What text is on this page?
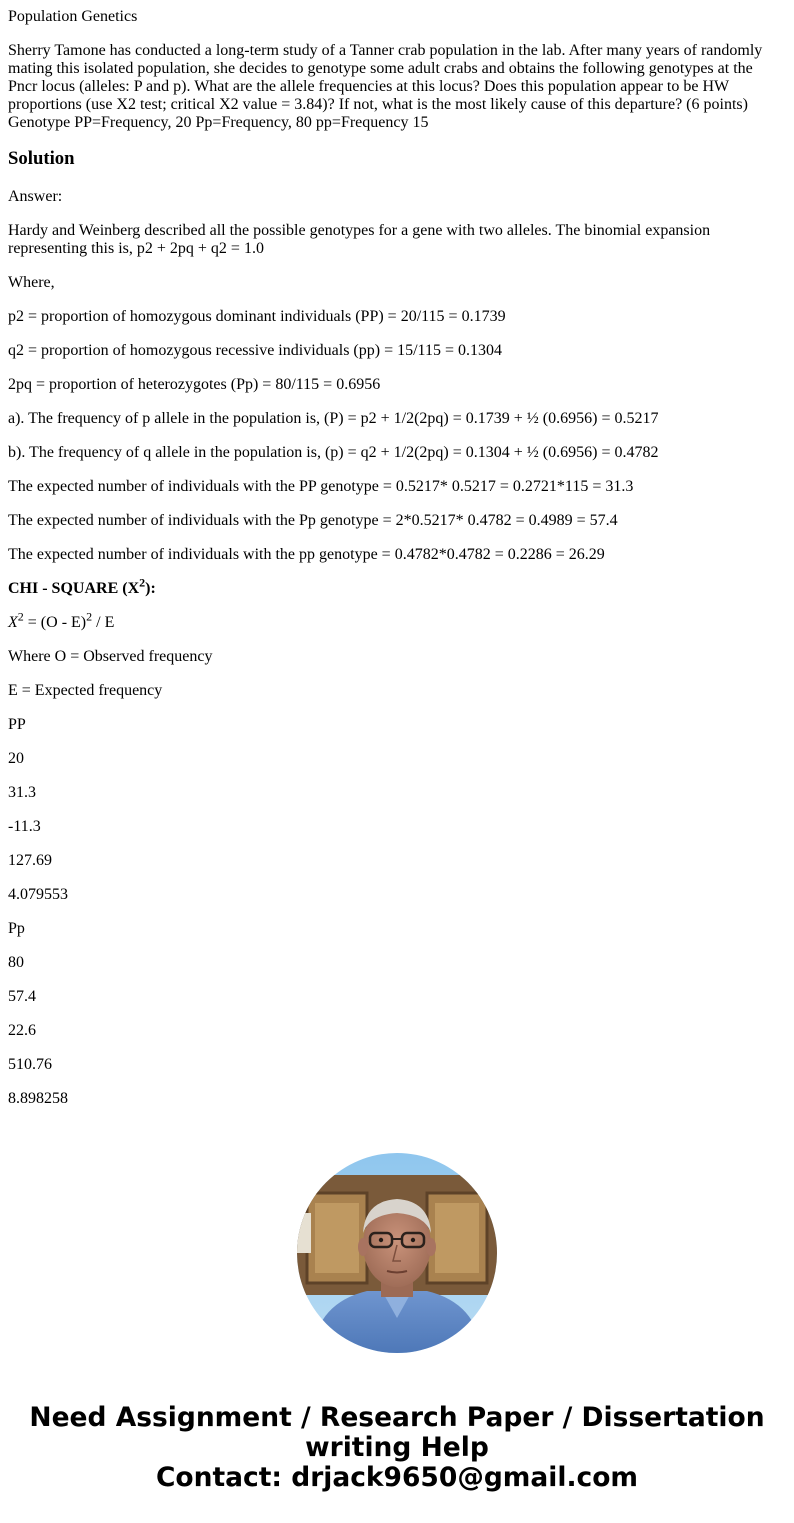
Population Genetics

Sherry Tamone has conducted a long-term study of a Tanner crab population in the lab. After many years of randomly mating this isolated population, she decides to genotype some adult crabs and obtains the following genotypes at the Pncr locus (alleles: P and p). What are the allele frequencies at this locus? Does this population appear to be HW proportions (use X2 test; critical X2 value = 3.84)? If not, what is the most likely cause of this departure? (6 points) Genotype PP=Frequency, 20 Pp=Frequency, 80 pp=Frequency 15

Solution

Answer:

Hardy and Weinberg described all the possible genotypes for a gene with two alleles. The binomial expansion representing this is, p2 + 2pq + q2 = 1.0

Where,

p2 = proportion of homozygous dominant individuals (PP) = 20/115 = 0.1739

q2 = proportion of homozygous recessive individuals (pp) = 15/115 = 0.1304

2pq = proportion of heterozygotes (Pp) = 80/115 = 0.6956

a). The frequency of p allele in the population is, (P) = p2 + 1/2(2pq) = 0.1739 + ½ (0.6956) = 0.5217

b). The frequency of q allele in the population is, (p) = q2 + 1/2(2pq) = 0.1304 + ½ (0.6956) = 0.4782

The expected number of individuals with the PP genotype = 0.5217* 0.5217 = 0.2721*115 = 31.3

The expected number of individuals with the Pp genotype = 2*0.5217* 0.4782 = 0.4989 = 57.4

The expected number of individuals with the pp genotype = 0.4782*0.4782 = 0.2286 = 26.29

CHI - SQUARE $(X^2)$:

$X^2 = (O - E)^2 / E$

Where O = Observed frequency

E = Expected frequency

PP

20

31.3

-11.3

127.69

4.079553

Pp

80

57.4

22.6

510.76

8.898258

Need Assignment / Research Paper / Dissertation
writing Help
Contact: drjack9650@gmail.com
